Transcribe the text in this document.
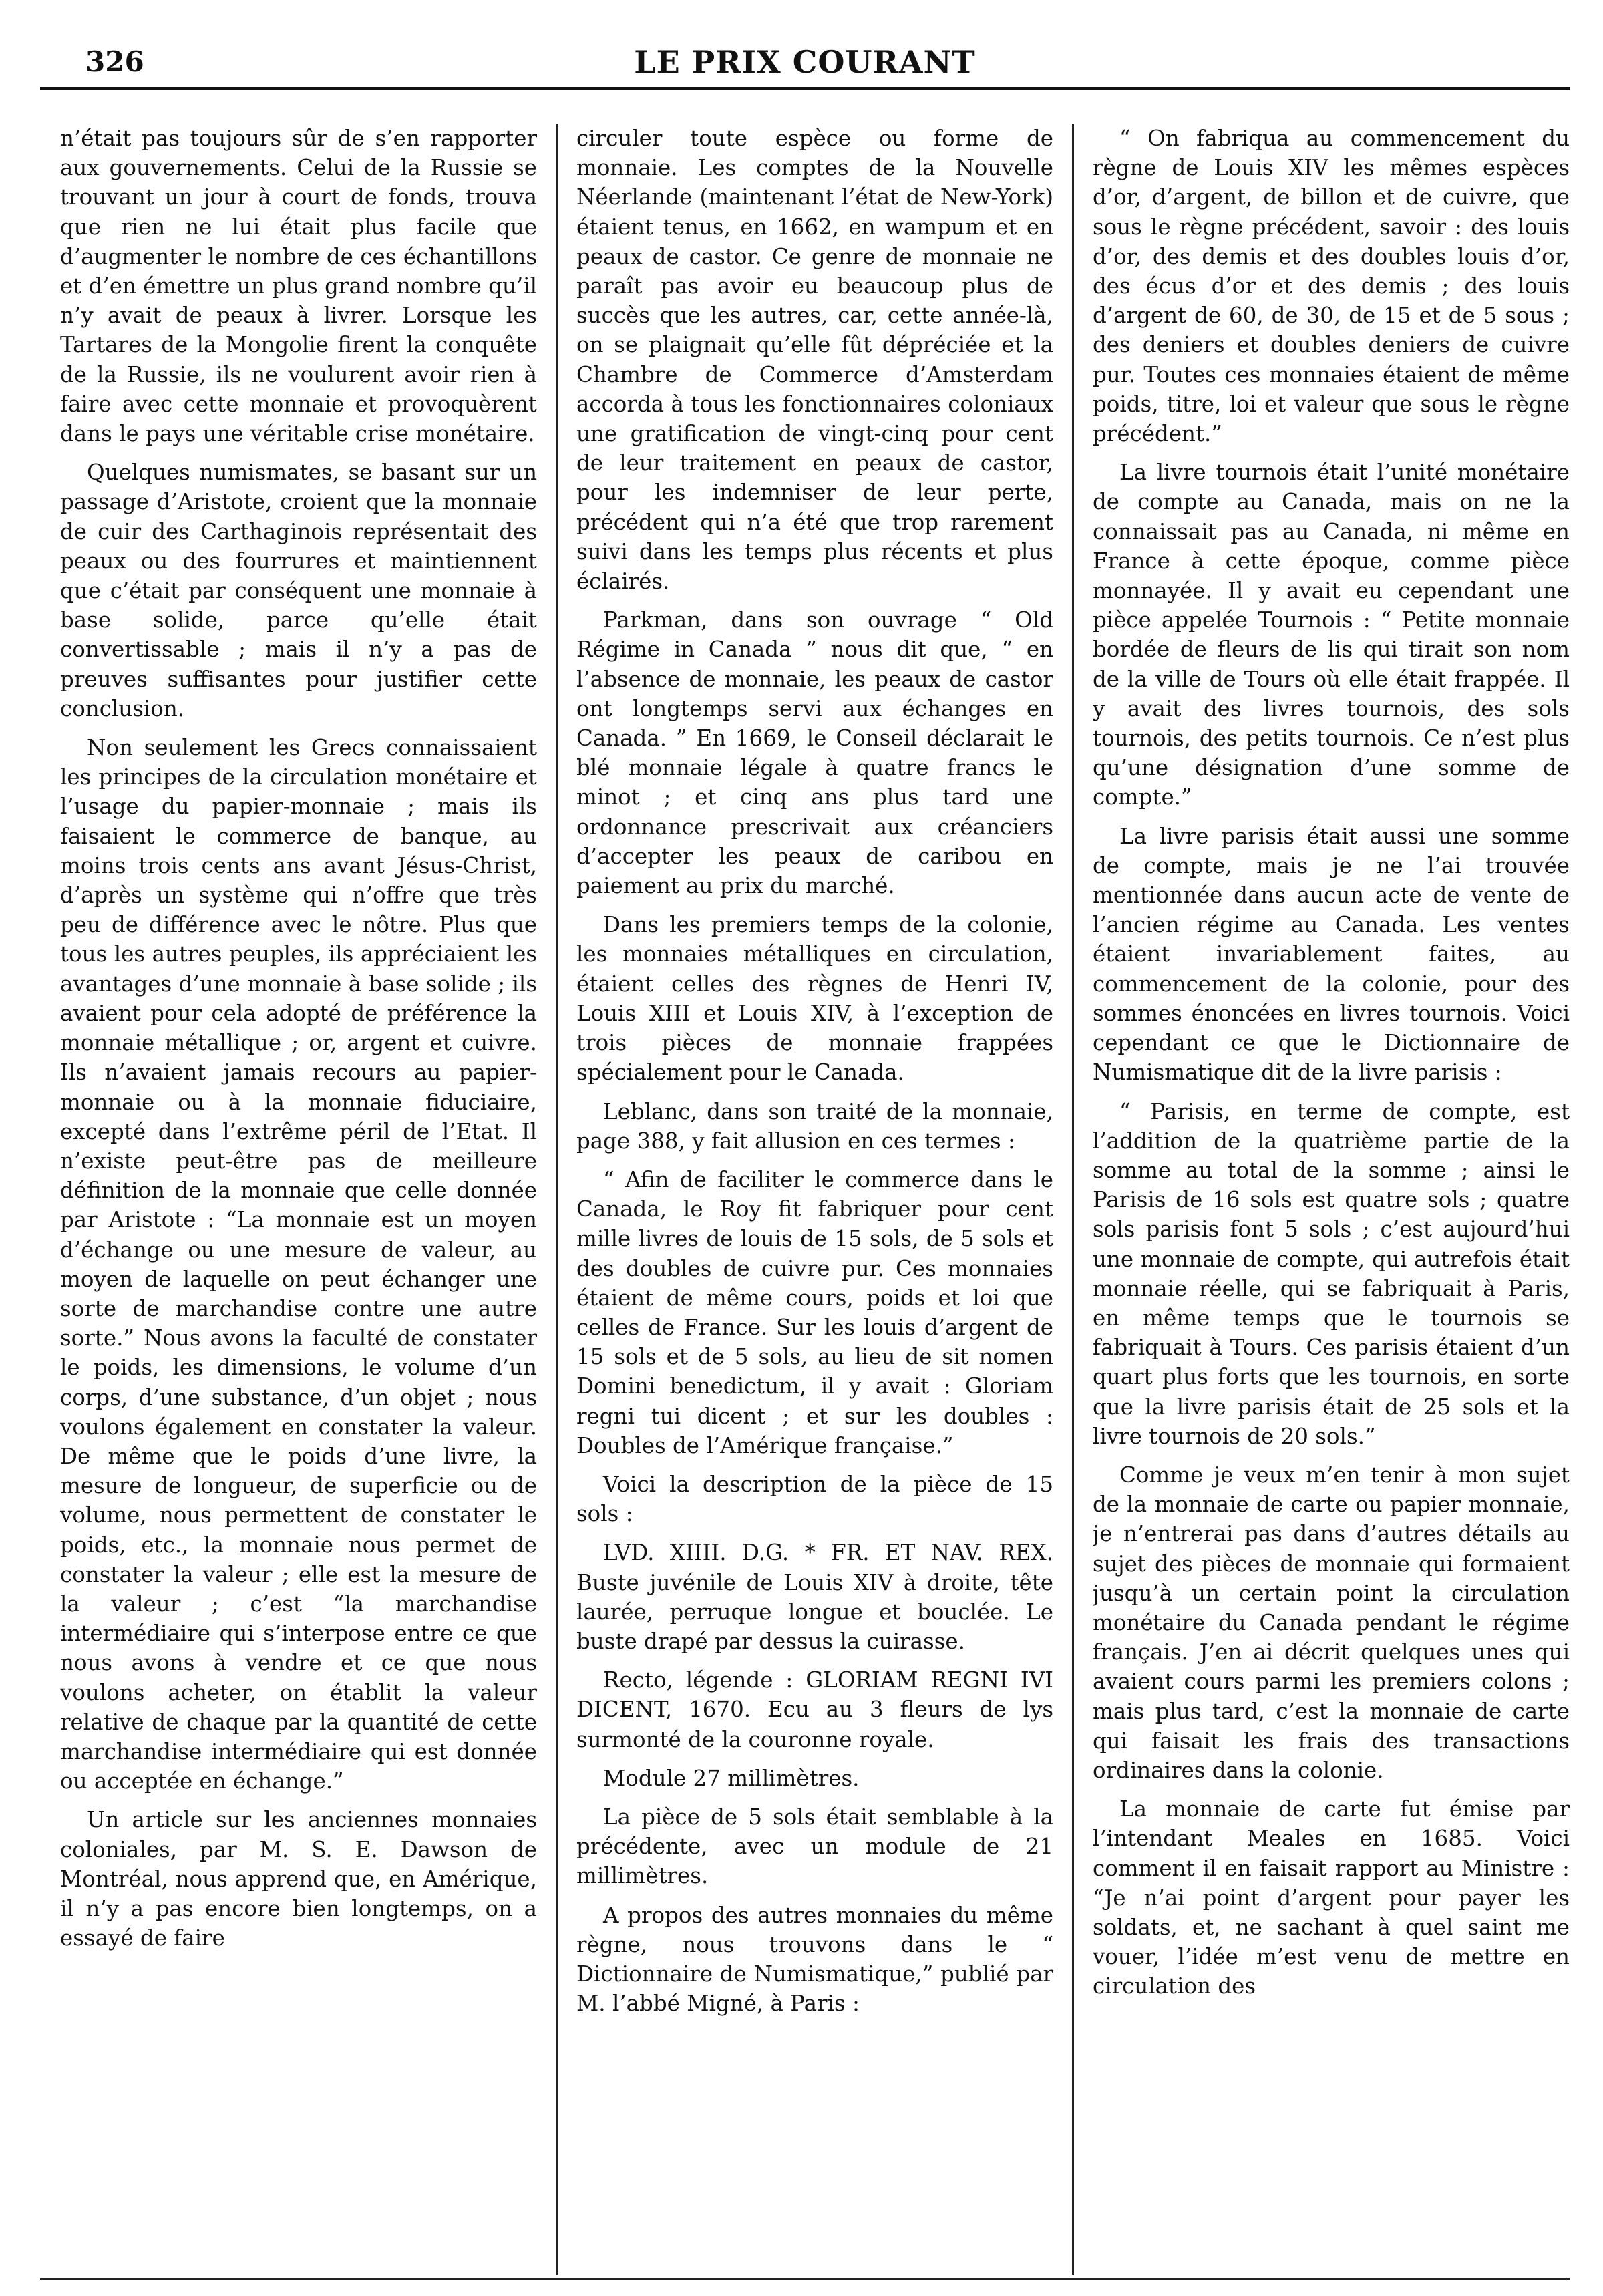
326	LE PRIX COURANT

n’était pas toujours sûr de s’en rapporter aux gouvernements. Celui de la Russie se trouvant un jour à court de fonds, trouva que rien ne lui était plus facile que d’augmenter le nombre de ces échantillons et d’en émettre un plus grand nombre qu’il n’y avait de peaux à livrer. Lorsque les Tartares de la Mongolie firent la conquête de la Russie, ils ne voulurent avoir rien à faire avec cette monnaie et provoquèrent dans le pays une véritable crise monétaire.

Quelques numismates, se basant sur un passage d’Aristote, croient que la monnaie de cuir des Carthaginois représentait des peaux ou des fourrures et maintiennent que c’était par conséquent une monnaie à base solide, parce qu’elle était convertissable ; mais il n’y a pas de preuves suffisantes pour justifier cette conclusion.

Non seulement les Grecs connaissaient les principes de la circulation monétaire et l’usage du papier-monnaie ; mais ils faisaient le commerce de banque, au moins trois cents ans avant Jésus-Christ, d’après un système qui n’offre que très peu de différence avec le nôtre. Plus que tous les autres peuples, ils appréciaient les avantages d’une monnaie à base solide ; ils avaient pour cela adopté de préférence la monnaie métallique ; or, argent et cuivre. Ils n’avaient jamais recours au papier-monnaie ou à la monnaie fiduciaire, excepté dans l’extrême péril de l’Etat. Il n’existe peut-être pas de meilleure définition de la monnaie que celle donnée par Aristote : “La monnaie est un moyen d’échange ou une mesure de valeur, au moyen de laquelle on peut échanger une sorte de marchandise contre une autre sorte.” Nous avons la faculté de constater le poids, les dimensions, le volume d’un corps, d’une substance, d’un objet ; nous voulons également en constater la valeur. De même que le poids d’une livre, la mesure de longueur, de superficie ou de volume, nous permettent de constater le poids, etc., la monnaie nous permet de constater la valeur ; elle est la mesure de la valeur ; c’est “la marchandise intermédiaire qui s’interpose entre ce que nous avons à vendre et ce que nous voulons acheter, on établit la valeur relative de chaque par la quantité de cette marchandise intermédiaire qui est donnée ou acceptée en échange.”

Un article sur les anciennes monnaies coloniales, par M. S. E. Dawson de Montréal, nous apprend que, en Amérique, il n’y a pas encore bien longtemps, on a essayé de faire

circuler toute espèce ou forme de monnaie. Les comptes de la Nouvelle Néerlande (maintenant l’état de New-York) étaient tenus, en 1662, en wampum et en peaux de castor. Ce genre de monnaie ne paraît pas avoir eu beaucoup plus de succès que les autres, car, cette année-là, on se plaignait qu’elle fût dépréciée et la Chambre de Commerce d’Amsterdam accorda à tous les fonctionnaires coloniaux une gratification de vingt-cinq pour cent de leur traitement en peaux de castor, pour les indemniser de leur perte, précédent qui n’a été que trop rarement suivi dans les temps plus récents et plus éclairés.

Parkman, dans son ouvrage “ Old Régime in Canada ” nous dit que, “ en l’absence de monnaie, les peaux de castor ont longtemps servi aux échanges en Canada. ” En 1669, le Conseil déclarait le blé monnaie légale à quatre francs le minot ; et cinq ans plus tard une ordonnance prescrivait aux créanciers d’accepter les peaux de caribou en paiement au prix du marché.

Dans les premiers temps de la colonie, les monnaies métalliques en circulation, étaient celles des règnes de Henri IV, Louis XIII et Louis XIV, à l’exception de trois pièces de monnaie frappées spécialement pour le Canada.

Leblanc, dans son traité de la monnaie, page 388, y fait allusion en ces termes :

“ Afin de faciliter le commerce dans le Canada, le Roy fit fabriquer pour cent mille livres de louis de 15 sols, de 5 sols et des doubles de cuivre pur. Ces monnaies étaient de même cours, poids et loi que celles de France. Sur les louis d’argent de 15 sols et de 5 sols, au lieu de sit nomen Domini benedictum, il y avait : Gloriam regni tui dicent ; et sur les doubles : Doubles de l’Amérique française.”

Voici la description de la pièce de 15 sols :

LVD. XIIII. D.G. * FR. ET NAV. REX. Buste juvénile de Louis XIV à droite, tête laurée, perruque longue et bouclée. Le buste drapé par dessus la cuirasse.

Recto, légende : GLORIAM REGNI IVI DICENT, 1670. Ecu au 3 fleurs de lys surmonté de la couronne royale.

Module 27 millimètres.

La pièce de 5 sols était semblable à la précédente, avec un module de 21 millimètres.

A propos des autres monnaies du même règne, nous trouvons dans le “ Dictionnaire de Numismatique,” publié par M. l’abbé Migné, à Paris :

“ On fabriqua au commencement du règne de Louis XIV les mêmes espèces d’or, d’argent, de billon et de cuivre, que sous le règne précédent, savoir : des louis d’or, des demis et des doubles louis d’or, des écus d’or et des demis ; des louis d’argent de 60, de 30, de 15 et de 5 sous ; des deniers et doubles deniers de cuivre pur. Toutes ces monnaies étaient de même poids, titre, loi et valeur que sous le règne précédent.”

La livre tournois était l’unité monétaire de compte au Canada, mais on ne la connaissait pas au Canada, ni même en France à cette époque, comme pièce monnayée. Il y avait eu cependant une pièce appelée Tournois : “ Petite monnaie bordée de fleurs de lis qui tirait son nom de la ville de Tours où elle était frappée. Il y avait des livres tournois, des sols tournois, des petits tournois. Ce n’est plus qu’une désignation d’une somme de compte.”

La livre parisis était aussi une somme de compte, mais je ne l’ai trouvée mentionnée dans aucun acte de vente de l’ancien régime au Canada. Les ventes étaient invariablement faites, au commencement de la colonie, pour des sommes énoncées en livres tournois. Voici cependant ce que le Dictionnaire de Numismatique dit de la livre parisis :

“ Parisis, en terme de compte, est l’addition de la quatrième partie de la somme au total de la somme ; ainsi le Parisis de 16 sols est quatre sols ; quatre sols parisis font 5 sols ; c’est aujourd’hui une monnaie de compte, qui autrefois était monnaie réelle, qui se fabriquait à Paris, en même temps que le tournois se fabriquait à Tours. Ces parisis étaient d’un quart plus forts que les tournois, en sorte que la livre parisis était de 25 sols et la livre tournois de 20 sols.”

Comme je veux m’en tenir à mon sujet de la monnaie de carte ou papier monnaie, je n’entrerai pas dans d’autres détails au sujet des pièces de monnaie qui formaient jusqu’à un certain point la circulation monétaire du Canada pendant le régime français. J’en ai décrit quelques unes qui avaient cours parmi les premiers colons ; mais plus tard, c’est la monnaie de carte qui faisait les frais des transactions ordinaires dans la colonie.

La monnaie de carte fut émise par l’intendant Meales en 1685. Voici comment il en faisait rapport au Ministre : “Je n’ai point d’argent pour payer les soldats, et, ne sachant à quel saint me vouer, l’idée m’est venu de mettre en circulation des
